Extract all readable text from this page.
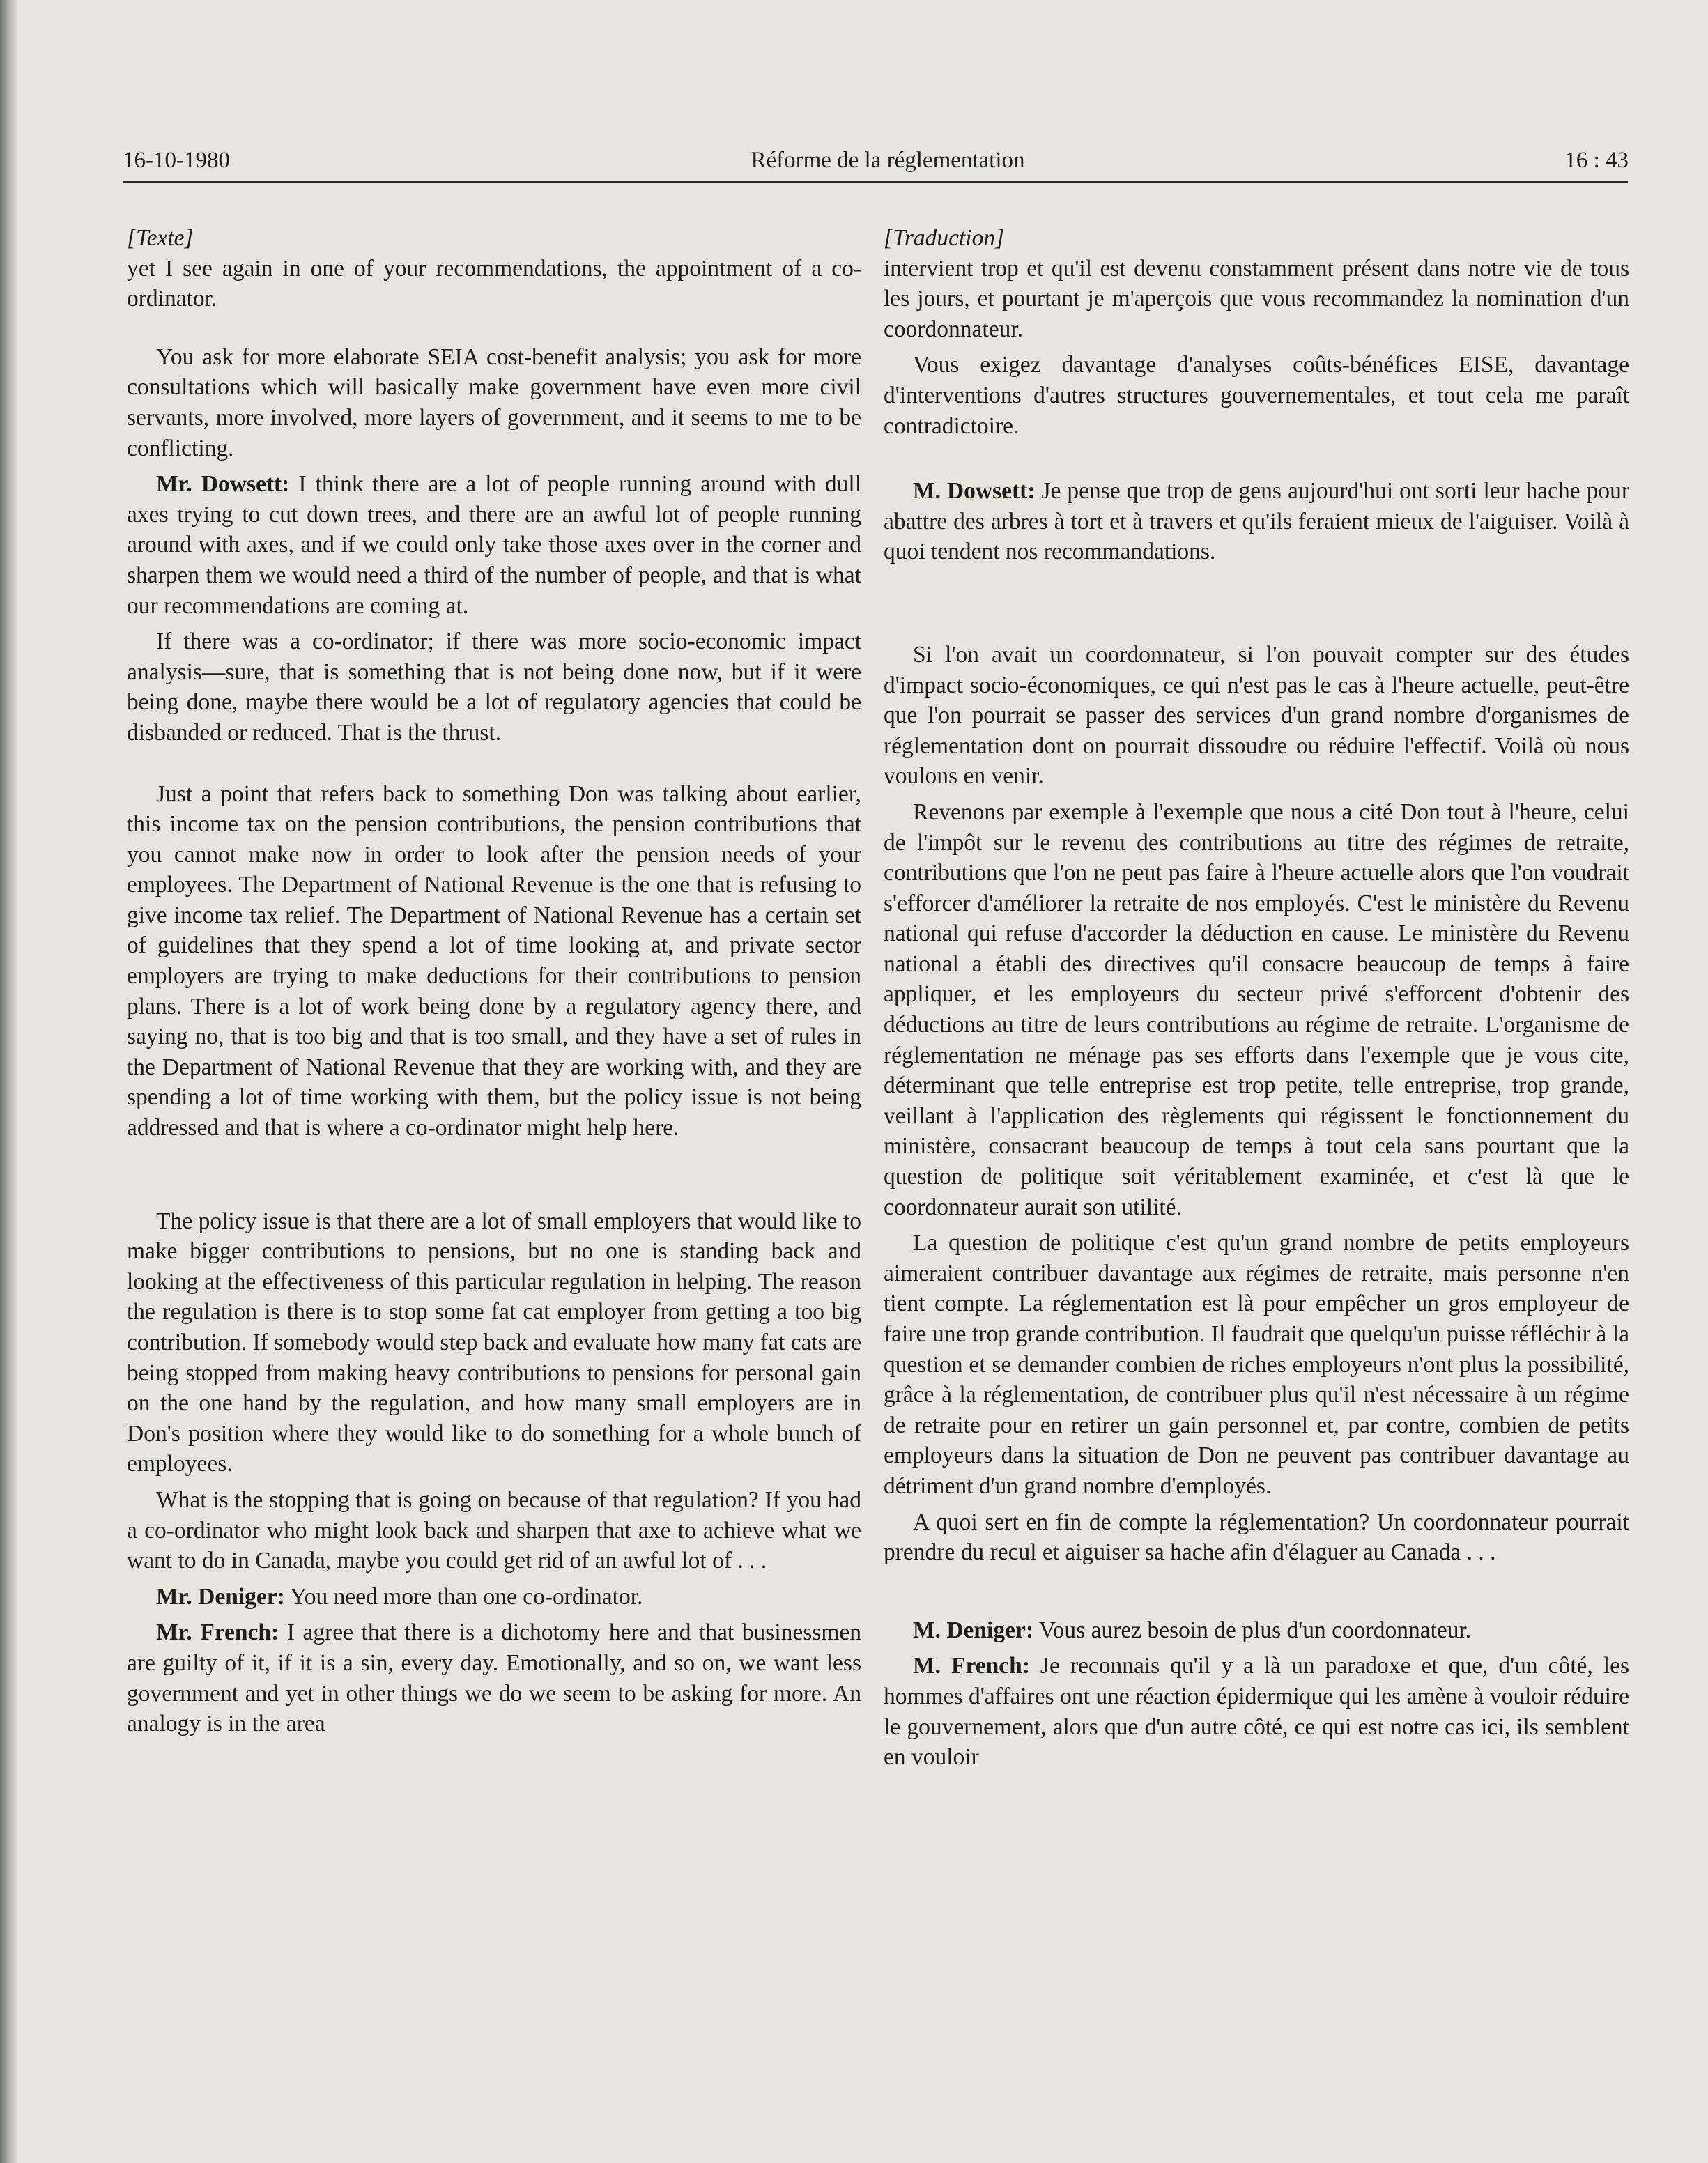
16-10-1980	Réforme de la réglementation	16 : 43

[Texte]

yet I see again in one of your recommendations, the appointment of a co-ordinator.

You ask for more elaborate SEIA cost-benefit analysis; you ask for more consultations which will basically make government have even more civil servants, more involved, more layers of government, and it seems to me to be conflicting.

Mr. Dowsett: I think there are a lot of people running around with dull axes trying to cut down trees, and there are an awful lot of people running around with axes, and if we could only take those axes over in the corner and sharpen them we would need a third of the number of people, and that is what our recommendations are coming at.

If there was a co-ordinator; if there was more socio-economic impact analysis—sure, that is something that is not being done now, but if it were being done, maybe there would be a lot of regulatory agencies that could be disbanded or reduced. That is the thrust.

Just a point that refers back to something Don was talking about earlier, this income tax on the pension contributions, the pension contributions that you cannot make now in order to look after the pension needs of your employees. The Department of National Revenue is the one that is refusing to give income tax relief. The Department of National Revenue has a certain set of guidelines that they spend a lot of time looking at, and private sector employers are trying to make deductions for their contributions to pension plans. There is a lot of work being done by a regulatory agency there, and saying no, that is too big and that is too small, and they have a set of rules in the Department of National Revenue that they are working with, and they are spending a lot of time working with them, but the policy issue is not being addressed and that is where a co-ordinator might help here.

The policy issue is that there are a lot of small employers that would like to make bigger contributions to pensions, but no one is standing back and looking at the effectiveness of this particular regulation in helping. The reason the regulation is there is to stop some fat cat employer from getting a too big contribution. If somebody would step back and evaluate how many fat cats are being stopped from making heavy contributions to pensions for personal gain on the one hand by the regulation, and how many small employers are in Don's position where they would like to do something for a whole bunch of employees.

What is the stopping that is going on because of that regulation? If you had a co-ordinator who might look back and sharpen that axe to achieve what we want to do in Canada, maybe you could get rid of an awful lot of . . .

Mr. Deniger: You need more than one co-ordinator.

Mr. French: I agree that there is a dichotomy here and that businessmen are guilty of it, if it is a sin, every day. Emotionally, and so on, we want less government and yet in other things we do we seem to be asking for more. An analogy is in the area

[Traduction]

intervient trop et qu'il est devenu constamment présent dans notre vie de tous les jours, et pourtant je m'aperçois que vous recommandez la nomination d'un coordonnateur.

Vous exigez davantage d'analyses coûts-bénéfices EISE, davantage d'interventions d'autres structures gouvernementales, et tout cela me paraît contradictoire.

M. Dowsett: Je pense que trop de gens aujourd'hui ont sorti leur hache pour abattre des arbres à tort et à travers et qu'ils feraient mieux de l'aiguiser. Voilà à quoi tendent nos recommandations.

Si l'on avait un coordonnateur, si l'on pouvait compter sur des études d'impact socio-économiques, ce qui n'est pas le cas à l'heure actuelle, peut-être que l'on pourrait se passer des services d'un grand nombre d'organismes de réglementation dont on pourrait dissoudre ou réduire l'effectif. Voilà où nous voulons en venir.

Revenons par exemple à l'exemple que nous a cité Don tout à l'heure, celui de l'impôt sur le revenu des contributions au titre des régimes de retraite, contributions que l'on ne peut pas faire à l'heure actuelle alors que l'on voudrait s'efforcer d'améliorer la retraite de nos employés. C'est le ministère du Revenu national qui refuse d'accorder la déduction en cause. Le ministère du Revenu national a établi des directives qu'il consacre beaucoup de temps à faire appliquer, et les employeurs du secteur privé s'efforcent d'obtenir des déductions au titre de leurs contributions au régime de retraite. L'organisme de réglementation ne ménage pas ses efforts dans l'exemple que je vous cite, déterminant que telle entreprise est trop petite, telle entreprise, trop grande, veillant à l'application des règlements qui régissent le fonctionnement du ministère, consacrant beaucoup de temps à tout cela sans pourtant que la question de politique soit véritablement examinée, et c'est là que le coordonnateur aurait son utilité.

La question de politique c'est qu'un grand nombre de petits employeurs aimeraient contribuer davantage aux régimes de retraite, mais personne n'en tient compte. La réglementation est là pour empêcher un gros employeur de faire une trop grande contribution. Il faudrait que quelqu'un puisse réfléchir à la question et se demander combien de riches employeurs n'ont plus la possibilité, grâce à la réglementation, de contribuer plus qu'il n'est nécessaire à un régime de retraite pour en retirer un gain personnel et, par contre, combien de petits employeurs dans la situation de Don ne peuvent pas contribuer davantage au détriment d'un grand nombre d'employés.

A quoi sert en fin de compte la réglementation? Un coordonnateur pourrait prendre du recul et aiguiser sa hache afin d'élaguer au Canada . . .

M. Deniger: Vous aurez besoin de plus d'un coordonnateur.

M. French: Je reconnais qu'il y a là un paradoxe et que, d'un côté, les hommes d'affaires ont une réaction épidermique qui les amène à vouloir réduire le gouvernement, alors que d'un autre côté, ce qui est notre cas ici, ils semblent en vouloir
